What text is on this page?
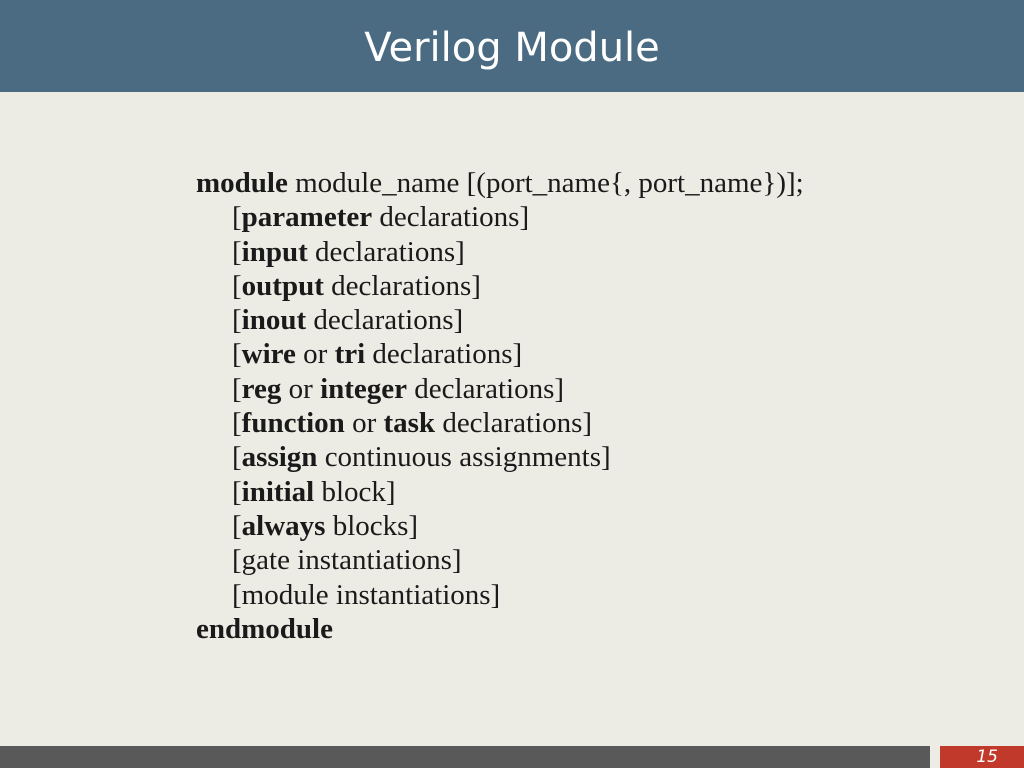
Verilog Module
module module_name [(port_name{, port_name})];
[parameter declarations]
[input declarations]
[output declarations]
[inout declarations]
[wire or tri declarations]
[reg or integer declarations]
[function or task declarations]
[assign continuous assignments]
[initial block]
[always blocks]
[gate instantiations]
[module instantiations]
endmodule
15
